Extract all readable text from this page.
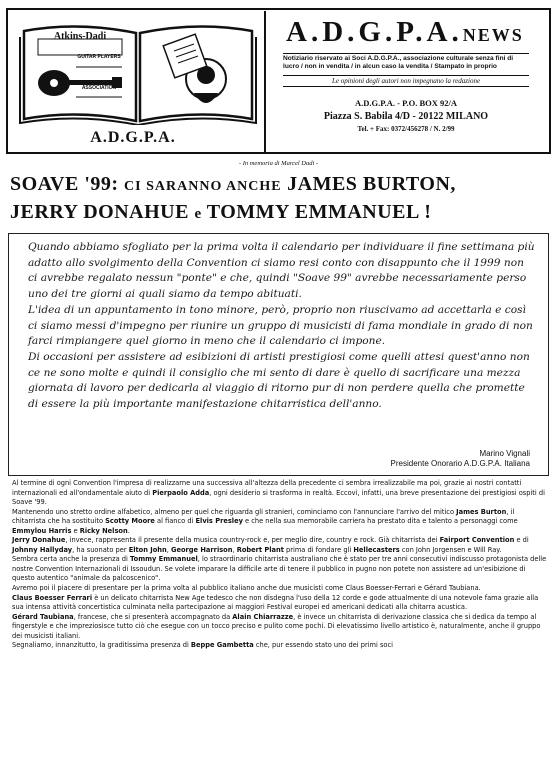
Atkins-Dadi
GUITAR PLAYERS
ASSOCIATION
A.D.G.P.A.
A.D.G.P.A.NEWS
Notiziario riservato ai Soci A.D.G.P.A., associazione culturale senza fini di lucro / non in vendita / in alcun caso la vendita / Stampato in proprio
Le opinioni degli autori non impegnano la redazione
A.D.G.P.A. - P.O. BOX 92/A
Piazza S. Babila 4/D - 20122 MILANO
Tel. + Fax: 0372/456278 / N. 2/99
- In memoria di Marcel Dadi -
SOAVE '99: CI SARANNO ANCHE JAMES BURTON,
JERRY DONAHUE e TOMMY EMMANUEL !

Quando abbiamo sfogliato per la prima volta il calendario per individuare il fine settimana più adatto allo svolgimento della Convention ci siamo resi conto con disappunto che il 1999 non ci avrebbe regalato nessun "ponte" e che, quindi "Soave 99" avrebbe necessariamente perso uno dei tre giorni ai quali siamo da tempo abituati.

L'idea di un appuntamento in tono minore, però, proprio non riuscivamo ad accettarla e così ci siamo messi d'impegno per riunire un gruppo di musicisti di fama mondiale in grado di non farci rimpiangere quel giorno in meno che il calendario ci impone.

Di occasioni per assistere ad esibizioni di artisti prestigiosi come quelli attesi quest'anno non ce ne sono molte e quindi il consiglio che mi sento di dare è quello di sacrificare una mezza giornata di lavoro per dedicarla al viaggio di ritorno pur di non perdere quella che promette di essere la più importante manifestazione chitarristica dell'anno.

Marino Vignali
Presidente Onorario A.D.G.P.A. Italiana

Al termine di ogni Convention l'impresa di realizzarne una successiva all'altezza della precedente ci sembra irrealizzabile ma poi, grazie ai nostri contatti internazionali ed all'ondamentale aiuto di Pierpaolo Adda, ogni desiderio si trasforma in realtà. Eccovi, infatti, una breve presentazione dei prestigiosi ospiti di Soave '99.

Mantenendo uno stretto ordine alfabetico, almeno per quel che riguarda gli stranieri, cominciamo con l'annunciare l'arrivo del mitico James Burton, il chitarrista che ha sostituito Scotty Moore al fianco di Elvis Presley e che nella sua memorabile carriera ha prestato dita e talento a personaggi come Emmylou Harris e Ricky Nelson.

Jerry Donahue, invece, rappresenta il presente della musica country-rock e, per meglio dire, country e rock. Già chitarrista dei Fairport Convention e di Johnny Hallyday, ha suonato per Elton John, George Harrison, Robert Plant prima di fondare gli Hellecasters con John Jorgensen e Will Ray.

Sembra certa anche la presenza di Tommy Emmanuel, lo straordinario chitarrista australiano che è stato per tre anni consecutivi indiscusso protagonista delle nostre Convention Internazionali di Issoudun. Se volete imparare la difficile arte di tenere il pubblico in pugno non potete non assistere ad un'esibizione di questo autentico "animale da palcoscenico".

Avremo poi il piacere di presentare per la prima volta al pubblico italiano anche due musicisti come Claus Boesser-Ferrari e Gérard Taubiana.

Claus Boesser Ferrari è un delicato chitarrista New Age tedesco che non disdegna l'uso della 12 corde e gode attualmente di una notevole fama grazie alla sua intensa attività concertistica culminata nella partecipazione ai maggiori Festival europei ed americani dedicati alla chitarra acustica.

Gérard Taubiana, francese, che si presenterà accompagnato da Alain Chiarrazze, è invece un chitarrista di derivazione classica che si dedica da tempo al fingerstyle e che impreziosisce tutto ciò che esegue con un tocco preciso e pulito come pochi. Di elevatissimo livello artistico è, naturalmente, anche il gruppo dei musicisti italiani.

Segnaliamo, innanzitutto, la graditissima presenza di Beppe Gambetta che, pur essendo stato uno dei primi soci
